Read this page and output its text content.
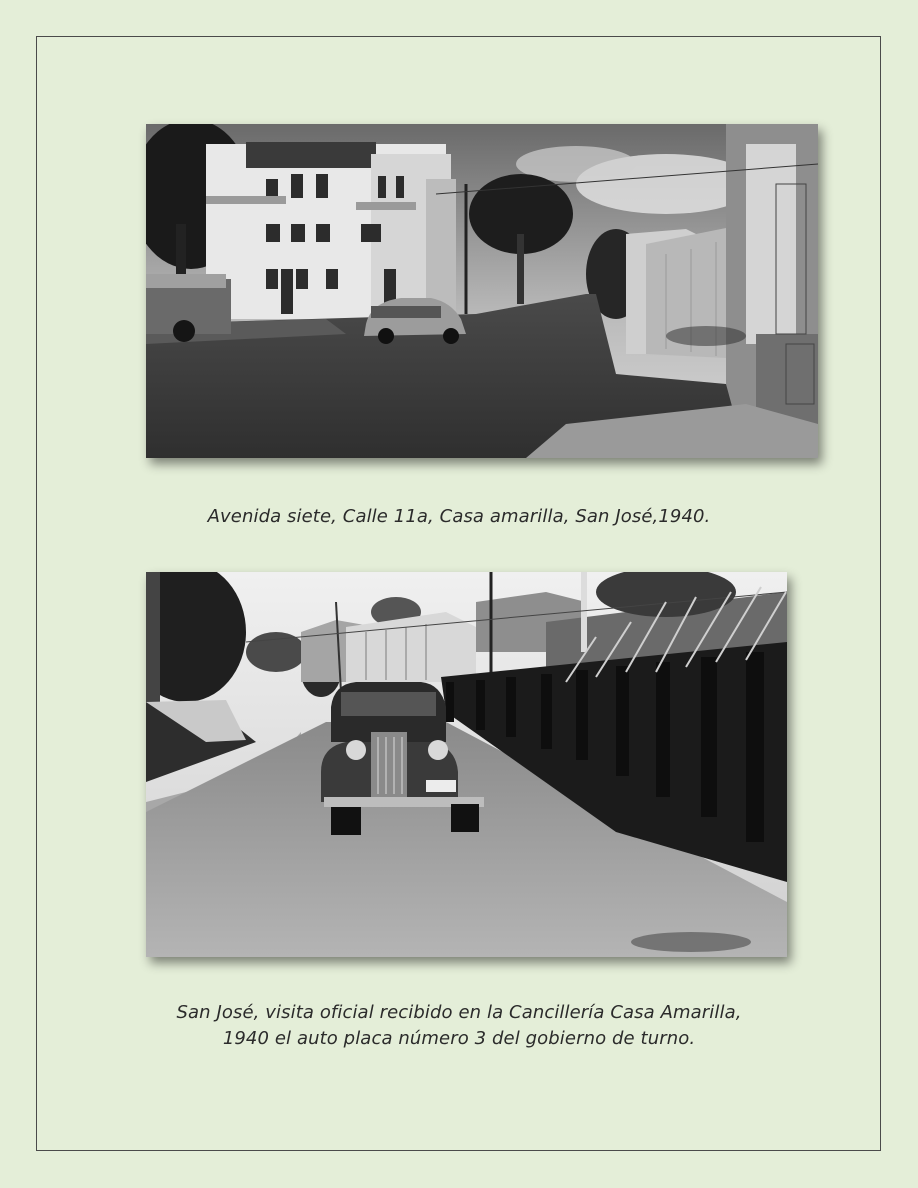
Avenida siete, Calle 11a, Casa amarilla, San José,1940.
San José, visita oficial recibido en la Cancillería Casa Amarilla,
1940 el auto placa número 3 del gobierno de turno.
